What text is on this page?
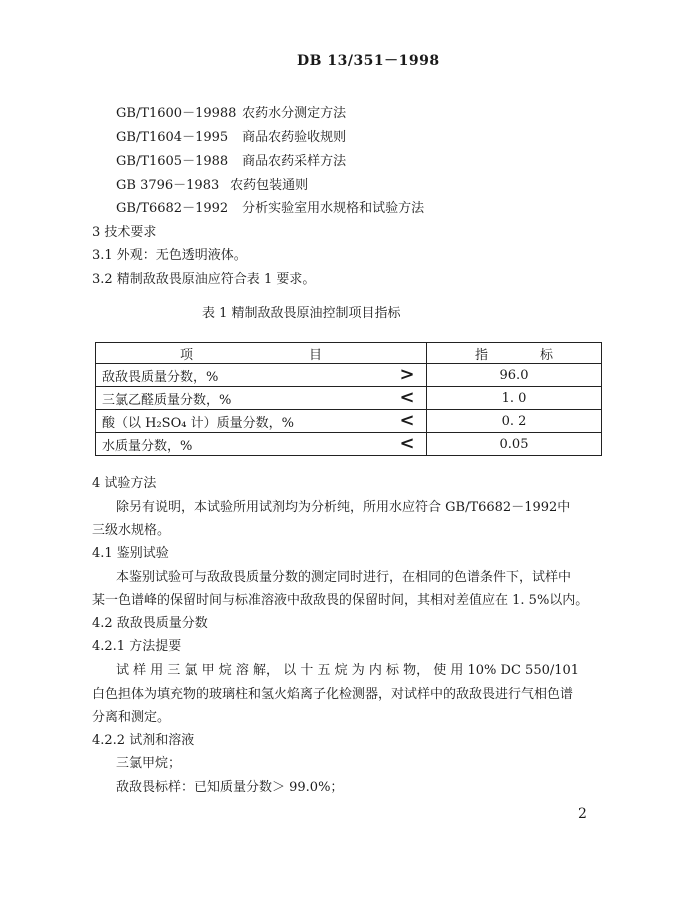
DB 13/351－1998
GB/T1600－19988 农药水分测定方法
GB/T1604－1995 商品农药验收规则
GB/T1605－1988 商品农药采样方法
GB 3796－1983 农药包装通则
GB/T6682－1992 分析实验室用水规格和试验方法
3 技术要求
3.1 外观：无色透明液体。
3.2 精制敌敌畏原油应符合表 1 要求。
表 1 精制敌敌畏原油控制项目指标
项 目	指 标

敌敌畏质量分数，% >	96.0

三氯乙醛质量分数，% <	1. 0

酸（以 H₂SO₄ 计）质量分数，% <	0. 2

水质量分数，% <	0.05
4 试验方法
除另有说明，本试验所用试剂均为分析纯，所用水应符合 GB/T6682－1992中
三级水规格。
4.1 鉴别试验
本鉴别试验可与敌敌畏质量分数的测定同时进行，在相同的色谱条件下，试样中
某一色谱峰的保留时间与标准溶液中敌敌畏的保留时间，其相对差值应在 1. 5%以内。
4.2 敌敌畏质量分数
4.2.1 方法提要
试 样 用 三 氯 甲 烷 溶 解， 以 十 五 烷 为 内 标 物， 使 用 10% DC 550/101
白色担体为填充物的玻璃柱和氢火焰离子化检测器，对试样中的敌敌畏进行气相色谱
分离和测定。
4.2.2 试剂和溶液
三氯甲烷；
敌敌畏标样：已知质量分数＞ 99.0%；
2
